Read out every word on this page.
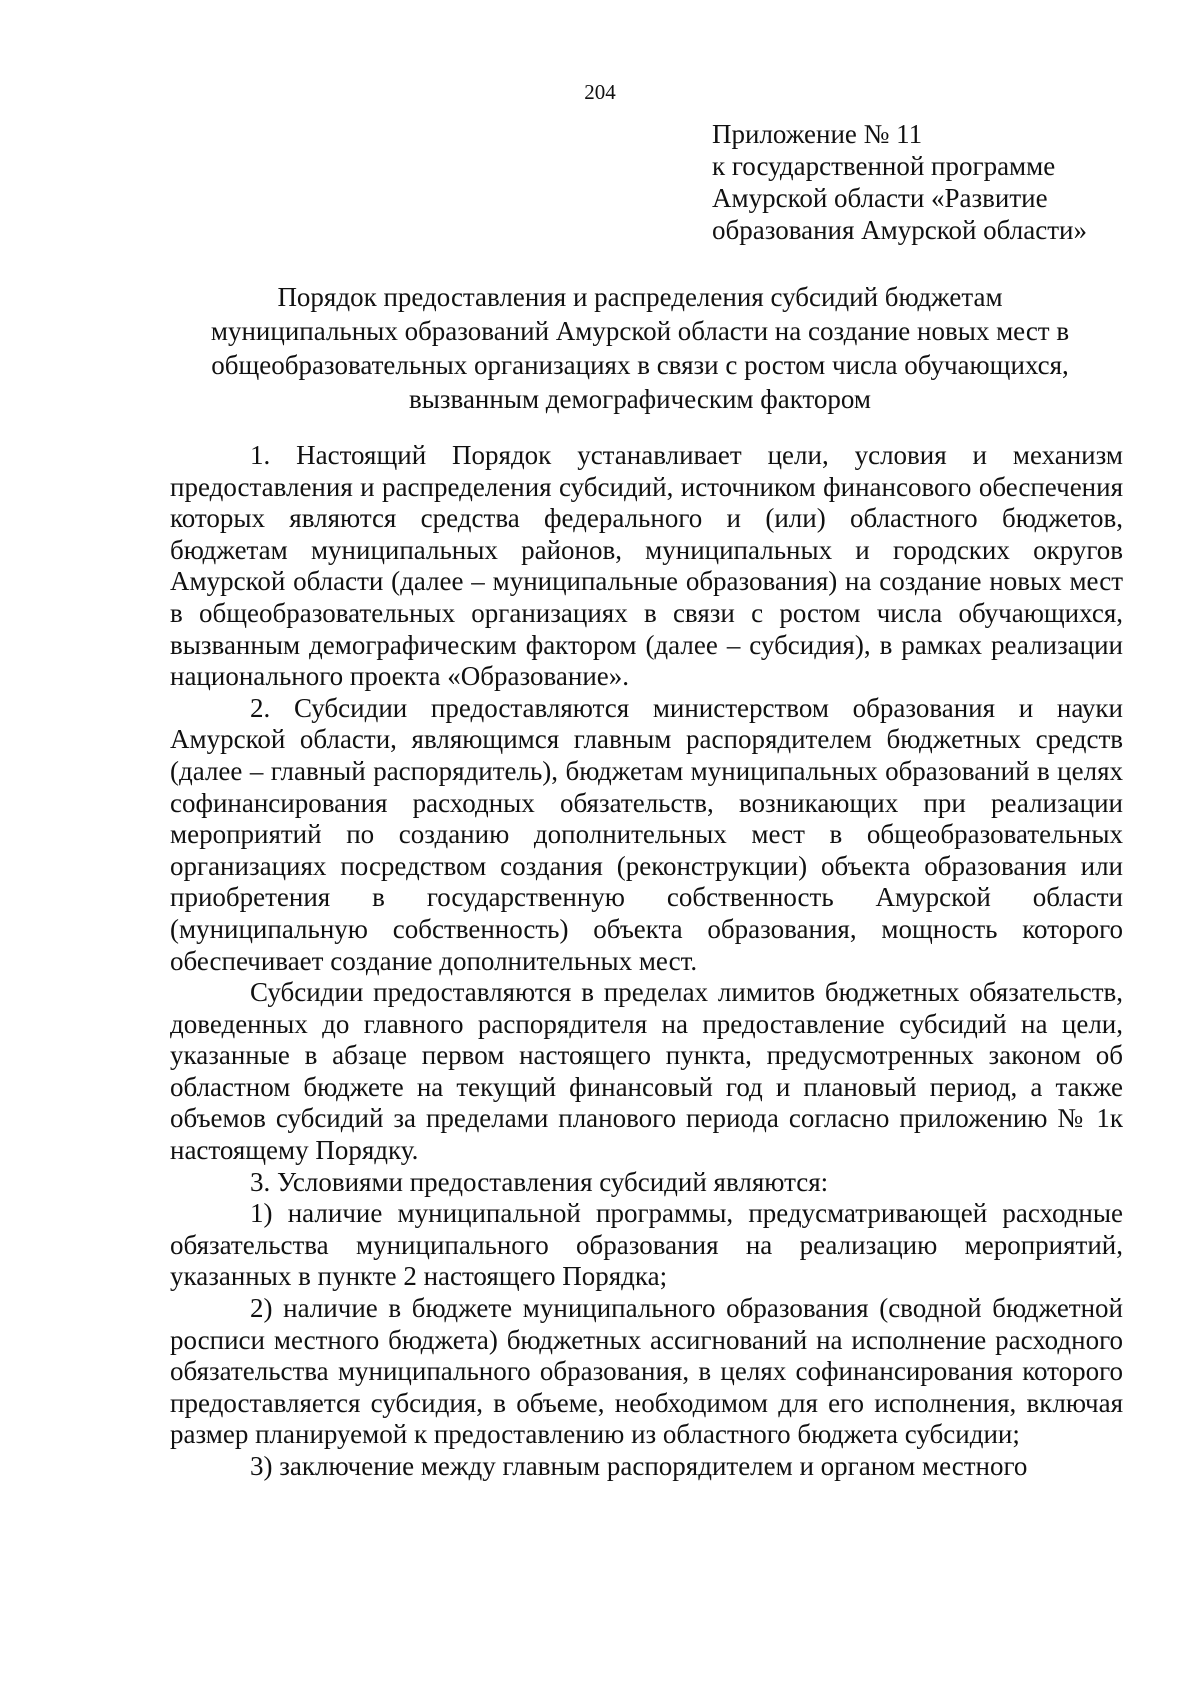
204
Приложение № 11
к государственной программе
Амурской области «Развитие
образования Амурской области»
Порядок предоставления и распределения субсидий бюджетам
муниципальных образований Амурской области на создание новых мест в
общеобразовательных организациях в связи с ростом числа обучающихся,
вызванным демографическим фактором

1. Настоящий Порядок устанавливает цели, условия и механизм предоставления и распределения субсидий, источником финансового обеспечения которых являются средства федерального и (или) областного бюджетов, бюджетам муниципальных районов, муниципальных и городских округов Амурской области (далее – муниципальные образования) на создание новых мест в общеобразовательных организациях в связи с ростом числа обучающихся, вызванным демографическим фактором (далее – субсидия), в рамках реализации национального проекта «Образование».

2. Субсидии предоставляются министерством образования и науки Амурской области, являющимся главным распорядителем бюджетных средств (далее – главный распорядитель), бюджетам муниципальных образований в целях софинансирования расходных обязательств, возникающих при реализации мероприятий по созданию дополнительных мест в общеобразовательных организациях посредством создания (реконструкции) объекта образования или приобретения в государственную собственность Амурской области (муниципальную собственность) объекта образования, мощность которого обеспечивает создание дополнительных мест.

Субсидии предоставляются в пределах лимитов бюджетных обязательств, доведенных до главного распорядителя на предоставление субсидий на цели, указанные в абзаце первом настоящего пункта, предусмотренных законом об областном бюджете на текущий финансовый год и плановый период, а также объемов субсидий за пределами планового периода согласно приложению № 1к настоящему Порядку.

3. Условиями предоставления субсидий являются:

1) наличие муниципальной программы, предусматривающей расходные обязательства муниципального образования на реализацию мероприятий, указанных в пункте 2 настоящего Порядка;

2) наличие в бюджете муниципального образования (сводной бюджетной росписи местного бюджета) бюджетных ассигнований на исполнение расходного обязательства муниципального образования, в целях софинансирования которого предоставляется субсидия, в объеме, необходимом для его исполнения, включая размер планируемой к предоставлению из областного бюджета субсидии;

3) заключение между главным распорядителем и органом местного
